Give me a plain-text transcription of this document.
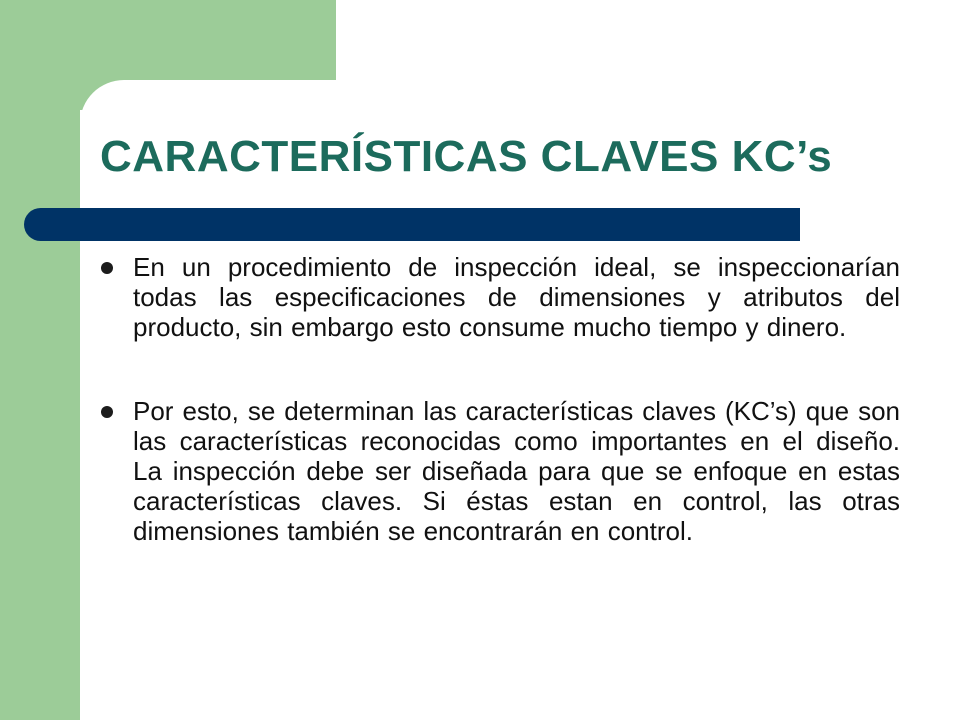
CARACTERÍSTICAS CLAVES KC’s

En un procedimiento de inspección ideal, se inspeccionarían todas las especificaciones de dimensiones y atributos del producto, sin embargo esto consume mucho tiempo y dinero.

Por esto, se determinan las características claves (KC’s) que son las características reconocidas como importantes en el diseño. La inspección debe ser diseñada para que se enfoque en estas características claves. Si éstas estan en control, las otras dimensiones también se encontrarán en control.
